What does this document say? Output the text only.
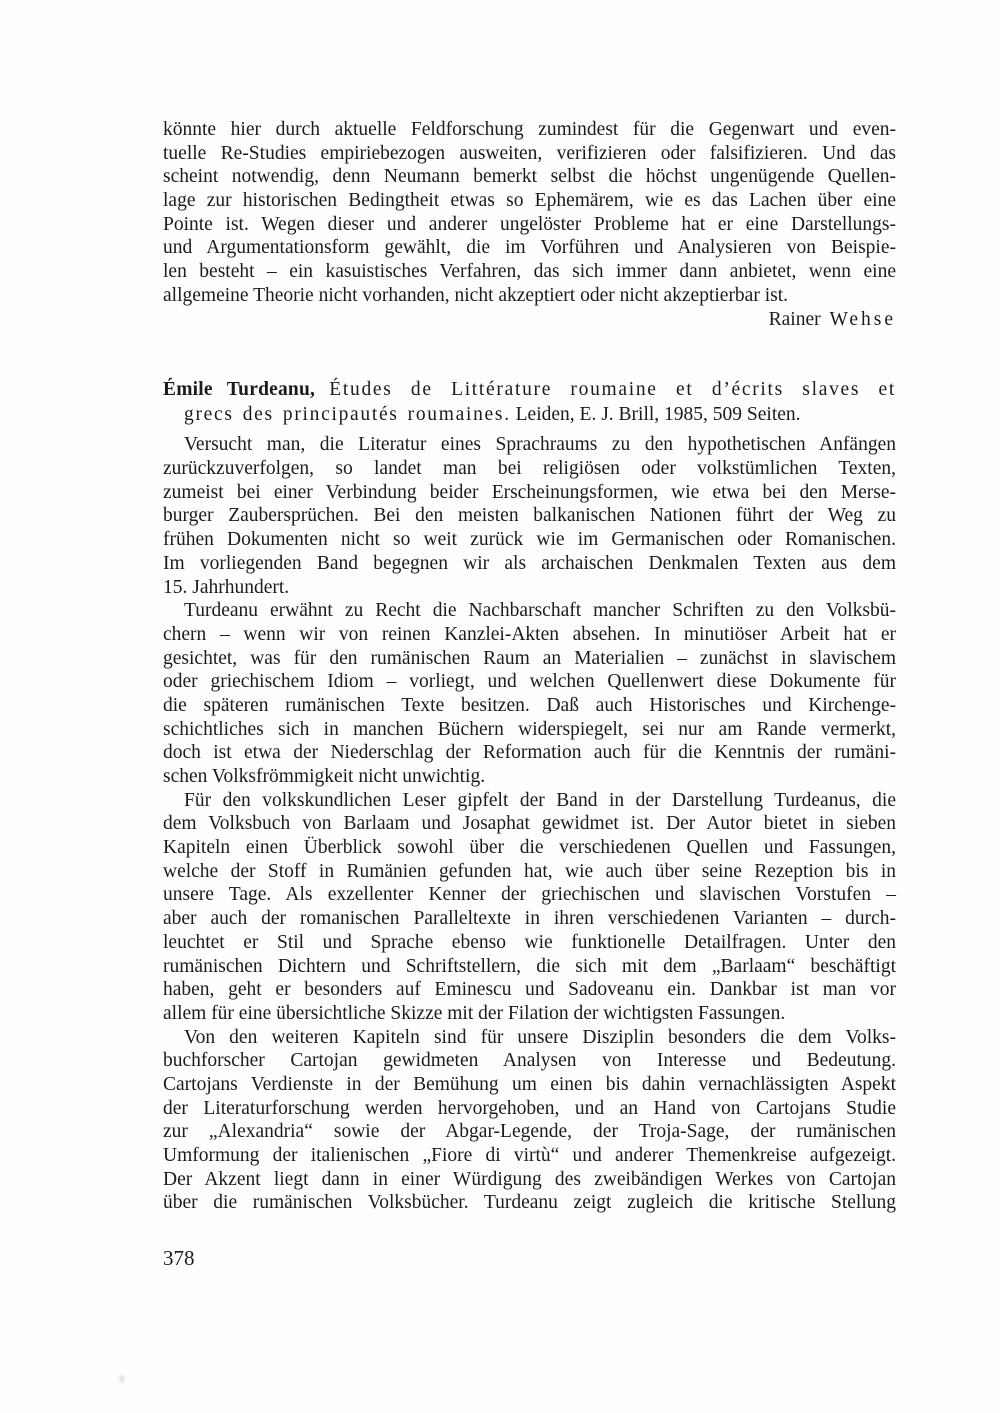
könnte hier durch aktuelle Feldforschung zumindest für die Gegenwart und even-
tuelle Re-Studies empiriebezogen ausweiten, verifizieren oder falsifizieren. Und das
scheint notwendig, denn Neumann bemerkt selbst die höchst ungenügende Quellen-
lage zur historischen Bedingtheit etwas so Ephemärem, wie es das Lachen über eine
Pointe ist. Wegen dieser und anderer ungelöster Probleme hat er eine Darstellungs-
und Argumentationsform gewählt, die im Vorführen und Analysieren von Beispie-
len besteht – ein kasuistisches Verfahren, das sich immer dann anbietet, wenn eine
allgemeine Theorie nicht vorhanden, nicht akzeptiert oder nicht akzeptierbar ist.
Rainer Wehse
Émile Turdeanu, Études de Littérature roumaine et d’écrits slaves et
grecs des principautés roumaines. Leiden, E. J. Brill, 1985, 509 Seiten.
Versucht man, die Literatur eines Sprachraums zu den hypothetischen Anfängen
zurückzuverfolgen, so landet man bei religiösen oder volkstümlichen Texten,
zumeist bei einer Verbindung beider Erscheinungsformen, wie etwa bei den Merse-
burger Zaubersprüchen. Bei den meisten balkanischen Nationen führt der Weg zu
frühen Dokumenten nicht so weit zurück wie im Germanischen oder Romanischen.
Im vorliegenden Band begegnen wir als archaischen Denkmalen Texten aus dem
15. Jahrhundert.
Turdeanu erwähnt zu Recht die Nachbarschaft mancher Schriften zu den Volksbü-
chern – wenn wir von reinen Kanzlei-Akten absehen. In minutiöser Arbeit hat er
gesichtet, was für den rumänischen Raum an Materialien – zunächst in slavischem
oder griechischem Idiom – vorliegt, und welchen Quellenwert diese Dokumente für
die späteren rumänischen Texte besitzen. Daß auch Historisches und Kirchenge-
schichtliches sich in manchen Büchern widerspiegelt, sei nur am Rande vermerkt,
doch ist etwa der Niederschlag der Reformation auch für die Kenntnis der rumäni-
schen Volksfrömmigkeit nicht unwichtig.
Für den volkskundlichen Leser gipfelt der Band in der Darstellung Turdeanus, die
dem Volksbuch von Barlaam und Josaphat gewidmet ist. Der Autor bietet in sieben
Kapiteln einen Überblick sowohl über die verschiedenen Quellen und Fassungen,
welche der Stoff in Rumänien gefunden hat, wie auch über seine Rezeption bis in
unsere Tage. Als exzellenter Kenner der griechischen und slavischen Vorstufen –
aber auch der romanischen Paralleltexte in ihren verschiedenen Varianten – durch-
leuchtet er Stil und Sprache ebenso wie funktionelle Detailfragen. Unter den
rumänischen Dichtern und Schriftstellern, die sich mit dem „Barlaam“ beschäftigt
haben, geht er besonders auf Eminescu und Sadoveanu ein. Dankbar ist man vor
allem für eine übersichtliche Skizze mit der Filation der wichtigsten Fassungen.
Von den weiteren Kapiteln sind für unsere Disziplin besonders die dem Volks-
buchforscher Cartojan gewidmeten Analysen von Interesse und Bedeutung.
Cartojans Verdienste in der Bemühung um einen bis dahin vernachlässigten Aspekt
der Literaturforschung werden hervorgehoben, und an Hand von Cartojans Studie
zur „Alexandria“ sowie der Abgar-Legende, der Troja-Sage, der rumänischen
Umformung der italienischen „Fiore di virtù“ und anderer Themenkreise aufgezeigt.
Der Akzent liegt dann in einer Würdigung des zweibändigen Werkes von Cartojan
über die rumänischen Volksbücher. Turdeanu zeigt zugleich die kritische Stellung
378
